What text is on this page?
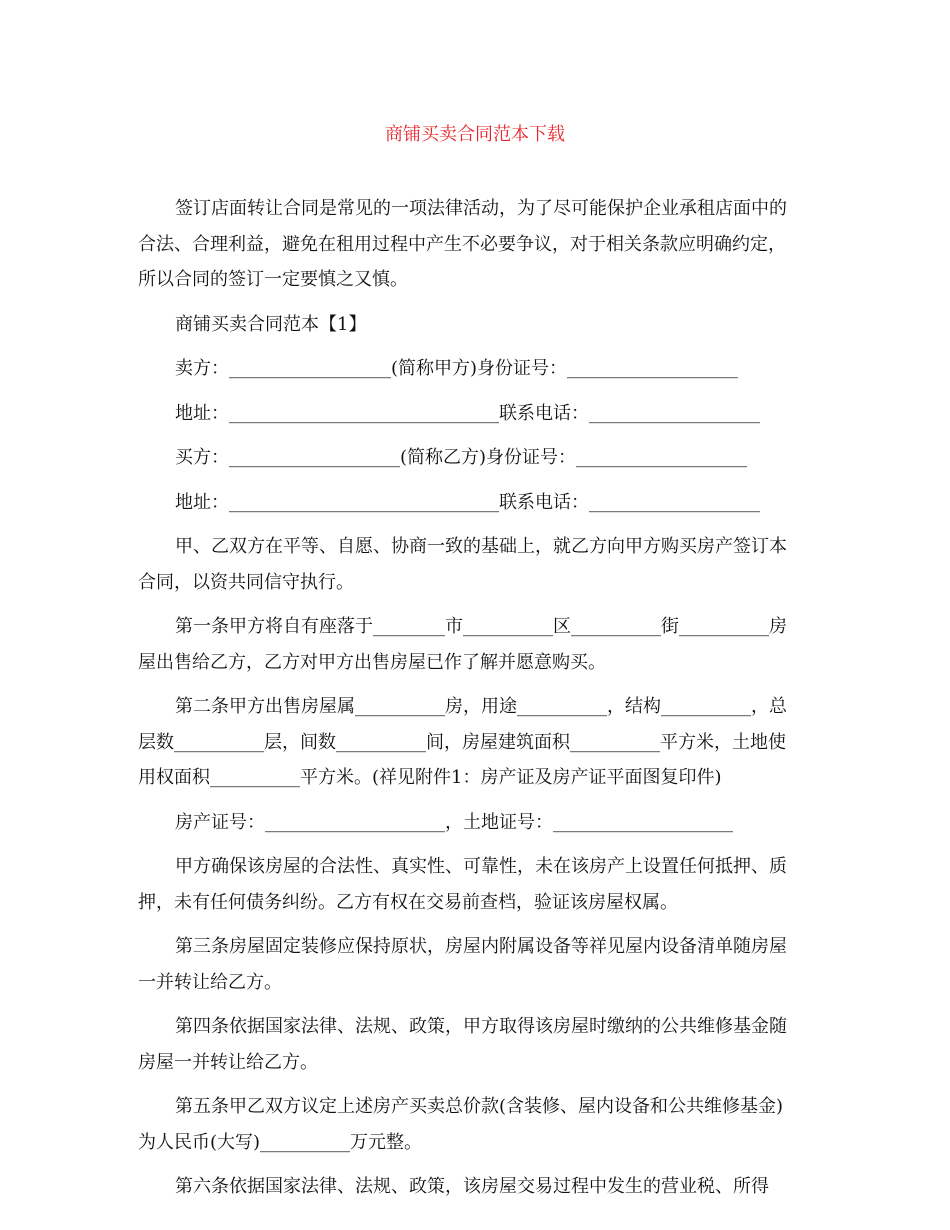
商铺买卖合同范本下载

签订店面转让合同是常见的一项法律活动，为了尽可能保护企业承租店面中的
合法、合理利益，避免在租用过程中产生不必要争议，对于相关条款应明确约定，
所以合同的签订一定要慎之又慎。

商铺买卖合同范本【1】

卖方：__________________(简称甲方)身份证号：___________________

地址：______________________________联系电话：___________________

买方：___________________(简称乙方)身份证号：___________________

地址：______________________________联系电话：___________________

甲、乙双方在平等、自愿、协商一致的基础上，就乙方向甲方购买房产签订本
合同，以资共同信守执行。

第一条甲方将自有座落于________市__________区__________街__________房
屋出售给乙方，乙方对甲方出售房屋已作了解并愿意购买。

第二条甲方出售房屋属__________房，用途__________，结构__________，总
层数__________层，间数__________间，房屋建筑面积__________平方米，土地使
用权面积__________平方米。(祥见附件1：房产证及房产证平面图复印件)

房产证号：____________________，土地证号：____________________

甲方确保该房屋的合法性、真实性、可靠性，未在该房产上设置任何抵押、质
押，未有任何债务纠纷。乙方有权在交易前查档，验证该房屋权属。

第三条房屋固定装修应保持原状，房屋内附属设备等祥见屋内设备清单随房屋
一并转让给乙方。

第四条依据国家法律、法规、政策，甲方取得该房屋时缴纳的公共维修基金随
房屋一并转让给乙方。

第五条甲乙双方议定上述房产买卖总价款(含装修、屋内设备和公共维修基金)
为人民币(大写)__________万元整。

第六条依据国家法律、法规、政策，该房屋交易过程中发生的营业税、所得
